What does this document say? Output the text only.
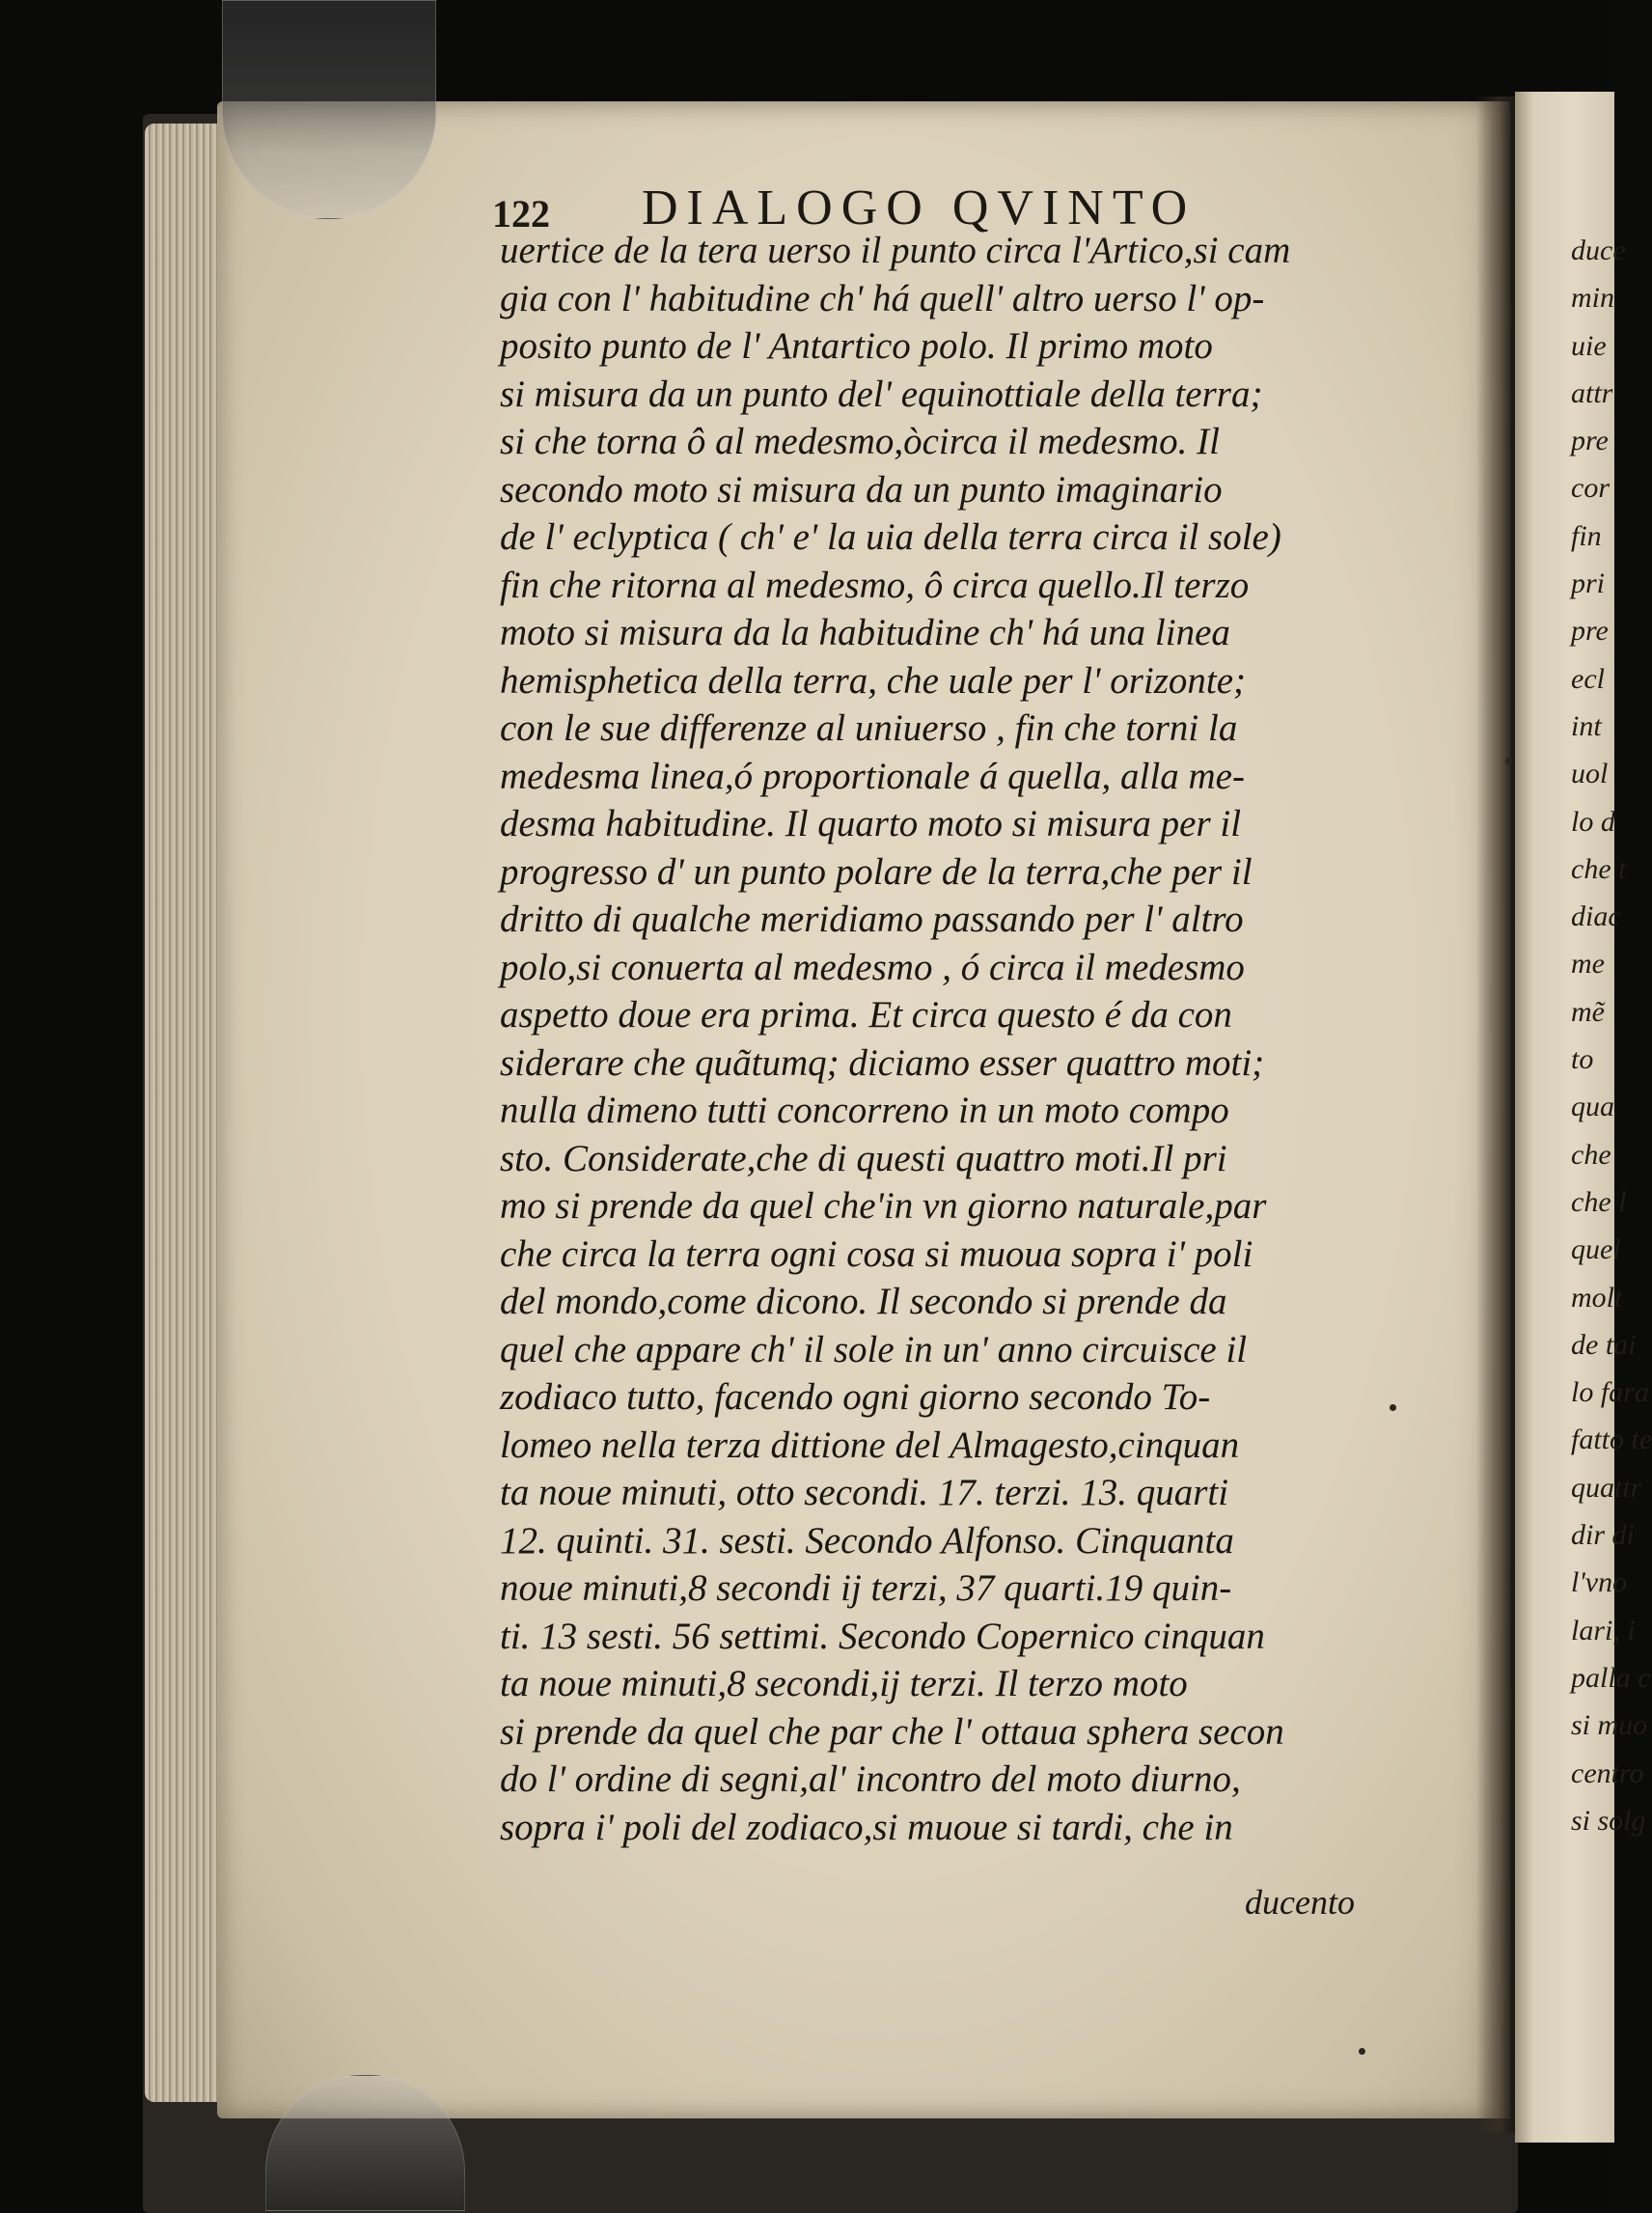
122 DIALOGO QVINTO
uertice de la tera uerso il punto circa l'Artico,si cam
gia con l' habitudine ch' há quell' altro uerso l' op-
posito punto de l' Antartico polo. Il primo moto
si misura da un punto del' equinottiale della terra;
si che torna ô al medesmo,òcirca il medesmo. Il
secondo moto si misura da un punto imaginario
de l' eclyptica ( ch' e' la uia della terra circa il sole)
fin che ritorna al medesmo, ô circa quello.Il terzo
moto si misura da la habitudine ch' há una linea
hemisphetica della terra, che uale per l' orizonte;
con le sue differenze al uniuerso , fin che torni la
medesma linea,ó proportionale á quella, alla me-
desma habitudine. Il quarto moto si misura per il
progresso d' un punto polare de la terra,che per il
dritto di qualche meridiamo passando per l' altro
polo,si conuerta al medesmo , ó circa il medesmo
aspetto doue era prima. Et circa questo é da con
siderare che quãtumq; diciamo esser quattro moti;
nulla dimeno tutti concorreno in un moto compo
sto. Considerate,che di questi quattro moti.Il pri
mo si prende da quel che'in vn giorno naturale,par
che circa la terra ogni cosa si muoua sopra i' poli
del mondo,come dicono. Il secondo si prende da
quel che appare ch' il sole in un' anno circuisce il
zodiaco tutto, facendo ogni giorno secondo To-
lomeo nella terza dittione del Almagesto,cinquan
ta noue minuti, otto secondi. 17. terzi. 13. quarti
12. quinti. 31. sesti. Secondo Alfonso. Cinquanta
noue minuti,8 secondi ij terzi, 37 quarti.19 quin-
ti. 13 sesti. 56 settimi. Secondo Copernico cinquan
ta noue minuti,8 secondi,ij terzi. Il terzo moto
si prende da quel che par che l' ottaua sphera secon
do l' ordine di segni,al' incontro del moto diurno,
sopra i' poli del zodiaco,si muoue si tardi, che in
ducento
duce
min
uie
attr
pre
cor
fin
pri
pre
ecl
int
uol
lo d
che t
diac
me
mẽ
to
qua
che
che l
quel
molt
de tai
lo fara
fatto te
quattr
dir di
l'vno
lari, i
palla c
si muo
centro
si solg
